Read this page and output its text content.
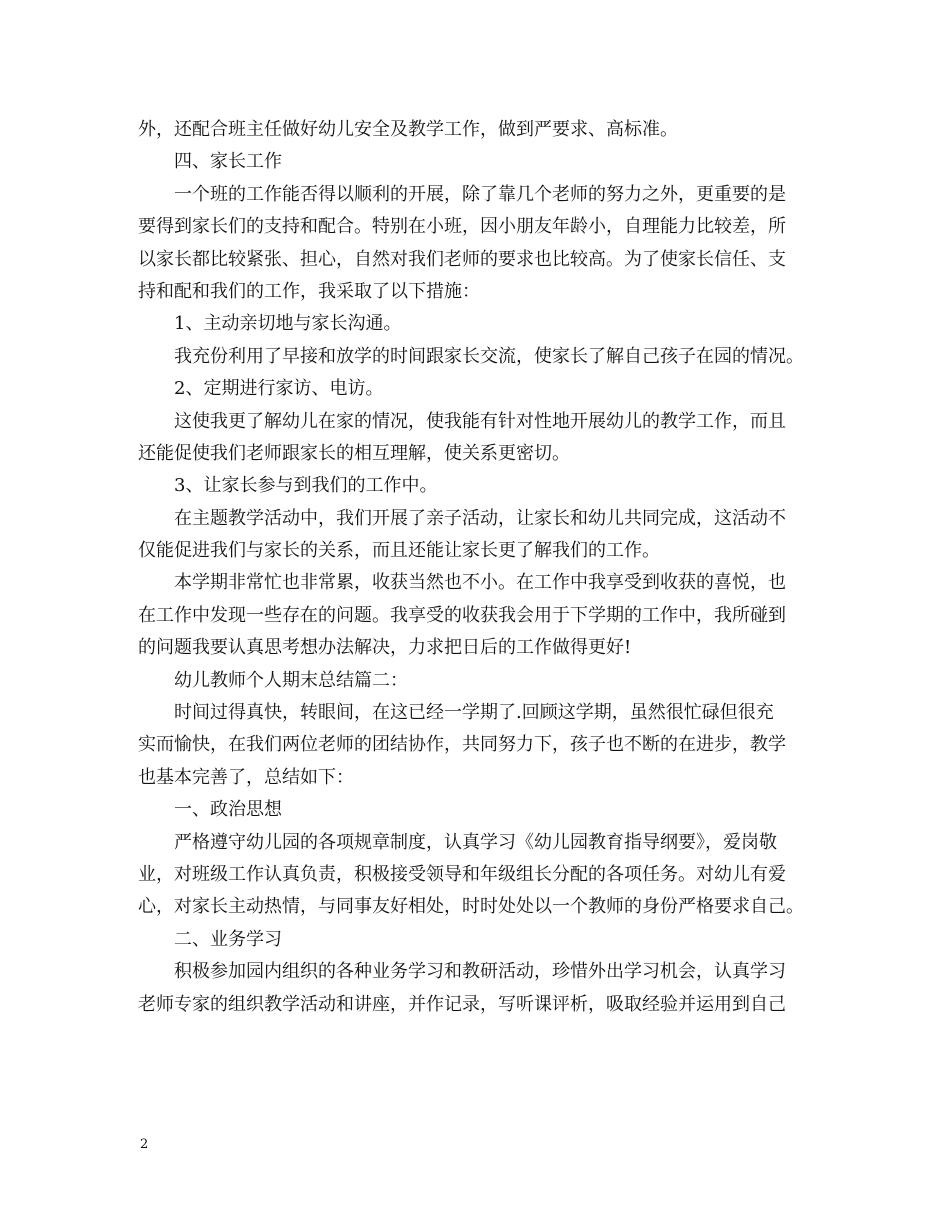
外，还配合班主任做好幼儿安全及教学工作，做到严要求、高标准。
四、家长工作
一个班的工作能否得以顺利的开展，除了靠几个老师的努力之外，更重要的是
要得到家长们的支持和配合。特别在小班，因小朋友年龄小，自理能力比较差，所
以家长都比较紧张、担心，自然对我们老师的要求也比较高。为了使家长信任、支
持和配和我们的工作，我采取了以下措施：
1、主动亲切地与家长沟通。
我充份利用了早接和放学的时间跟家长交流，使家长了解自己孩子在园的情况。
2、定期进行家访、电访。
这使我更了解幼儿在家的情况，使我能有针对性地开展幼儿的教学工作，而且
还能促使我们老师跟家长的相互理解，使关系更密切。
3、让家长参与到我们的工作中。
在主题教学活动中，我们开展了亲子活动，让家长和幼儿共同完成，这活动不
仅能促进我们与家长的关系，而且还能让家长更了解我们的工作。
本学期非常忙也非常累，收获当然也不小。在工作中我享受到收获的喜悦，也
在工作中发现一些存在的问题。我享受的收获我会用于下学期的工作中，我所碰到
的问题我要认真思考想办法解决，力求把日后的工作做得更好!
幼儿教师个人期末总结篇二：
时间过得真快，转眼间，在这已经一学期了.回顾这学期，虽然很忙碌但很充
实而愉快，在我们两位老师的团结协作，共同努力下，孩子也不断的在进步，教学
也基本完善了，总结如下：
一、政治思想
严格遵守幼儿园的各项规章制度，认真学习《幼儿园教育指导纲要》，爱岗敬
业，对班级工作认真负责，积极接受领导和年级组长分配的各项任务。对幼儿有爱
心，对家长主动热情，与同事友好相处，时时处处以一个教师的身份严格要求自己。
二、业务学习
积极参加园内组织的各种业务学习和教研活动，珍惜外出学习机会，认真学习
老师专家的组织教学活动和讲座，并作记录，写听课评析，吸取经验并运用到自己
2
